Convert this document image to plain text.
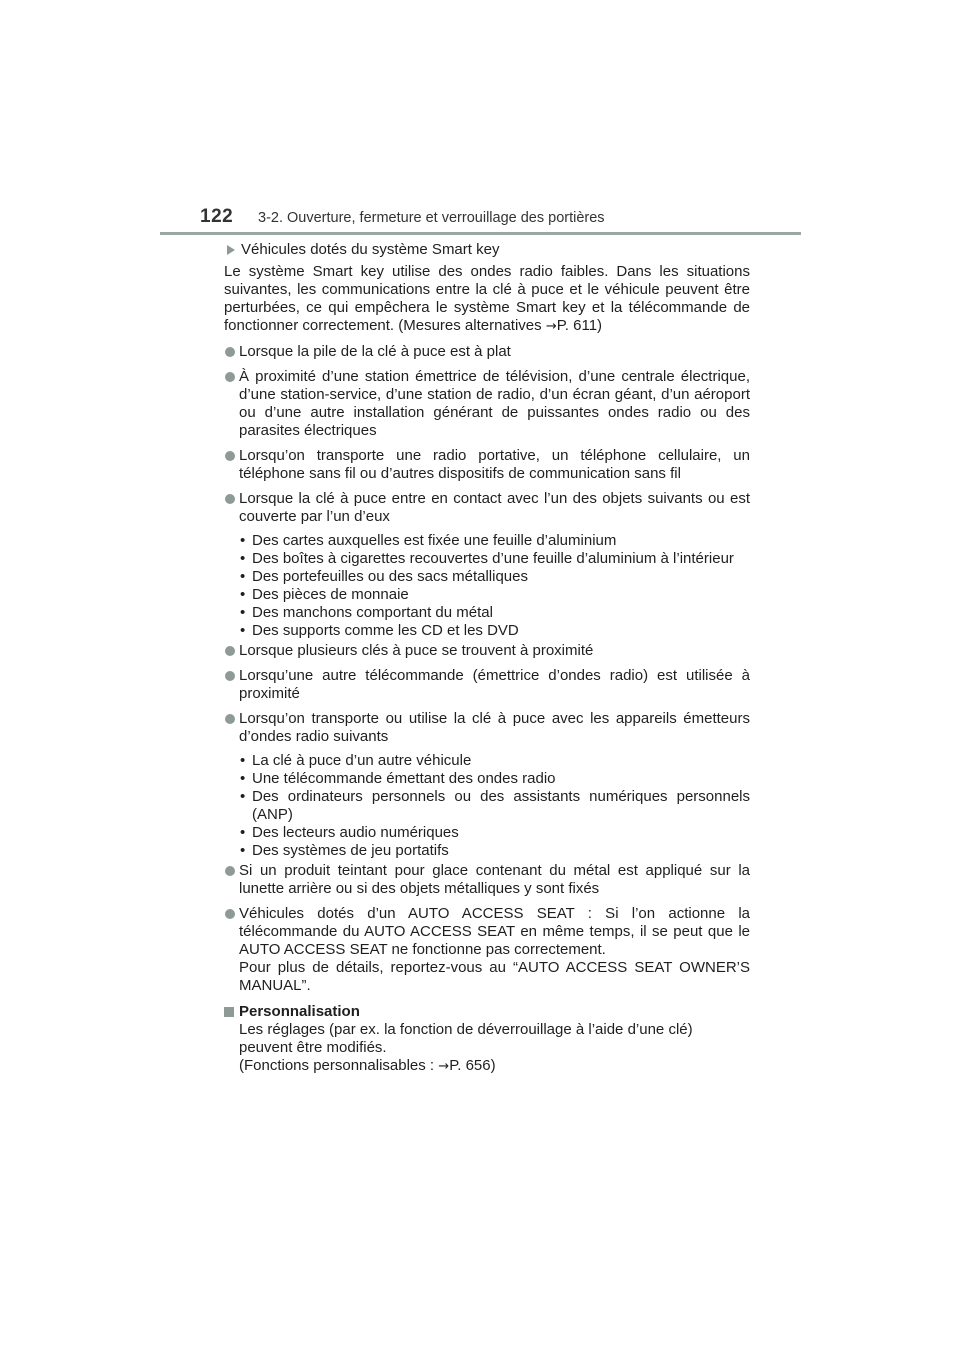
122 3-2. Ouverture, fermeture et verrouillage des portières
Véhicules dotés du système Smart key
Le système Smart key utilise des ondes radio faibles. Dans les situations suivantes, les communications entre la clé à puce et le véhicule peuvent être perturbées, ce qui empêchera le système Smart key et la télécommande de fonctionner correctement. (Mesures alternatives →P. 611)
Lorsque la pile de la clé à puce est à plat
À proximité d’une station émettrice de télévision, d’une centrale électrique, d’une station-service, d’une station de radio, d’un écran géant, d’un aéroport ou d’une autre installation générant de puissantes ondes radio ou des parasites électriques
Lorsqu’on transporte une radio portative, un téléphone cellulaire, un téléphone sans fil ou d’autres dispositifs de communication sans fil
Lorsque la clé à puce entre en contact avec l’un des objets suivants ou est couverte par l’un d’eux
• Des cartes auxquelles est fixée une feuille d’aluminium
• Des boîtes à cigarettes recouvertes d’une feuille d’aluminium à l’intérieur
• Des portefeuilles ou des sacs métalliques
• Des pièces de monnaie
• Des manchons comportant du métal
• Des supports comme les CD et les DVD
Lorsque plusieurs clés à puce se trouvent à proximité
Lorsqu’une autre télécommande (émettrice d’ondes radio) est utilisée à proximité
Lorsqu’on transporte ou utilise la clé à puce avec les appareils émetteurs d’ondes radio suivants
• La clé à puce d’un autre véhicule
• Une télécommande émettant des ondes radio
• Des ordinateurs personnels ou des assistants numériques personnels (ANP)
• Des lecteurs audio numériques
• Des systèmes de jeu portatifs
Si un produit teintant pour glace contenant du métal est appliqué sur la lunette arrière ou si des objets métalliques y sont fixés
Véhicules dotés d’un AUTO ACCESS SEAT : Si l’on actionne la télécommande du AUTO ACCESS SEAT en même temps, il se peut que le AUTO ACCESS SEAT ne fonctionne pas correctement.
Pour plus de détails, reportez-vous au “AUTO ACCESS SEAT OWNER’S MANUAL”.
Personnalisation
Les réglages (par ex. la fonction de déverrouillage à l’aide d’une clé) peuvent être modifiés.
(Fonctions personnalisables : →P. 656)
